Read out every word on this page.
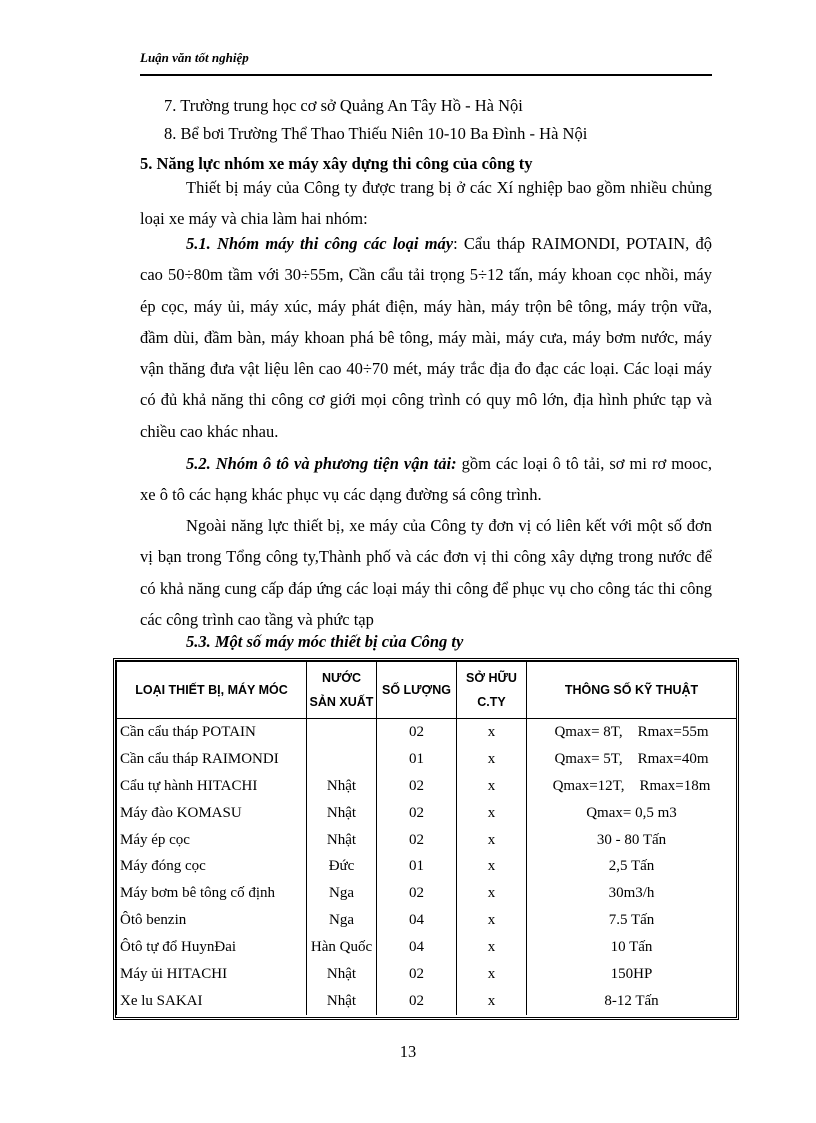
Luận văn tốt nghiệp
7. Trường trung học cơ sở Quảng An Tây Hồ - Hà Nội
8. Bể bơi Trường Thể Thao Thiếu Niên 10-10 Ba Đình - Hà Nội
5. Năng lực nhóm xe máy xây dựng thi công của công ty

Thiết bị máy của Công ty được trang bị ở các Xí nghiệp bao gồm nhiều chủng loại xe máy và chia làm hai nhóm:

5.1. Nhóm máy thi công các loại máy: Cẩu tháp RAIMONDI, POTAIN, độ cao 50÷80m tầm với 30÷55m, Cần cẩu tải trọng 5÷12 tấn, máy khoan cọc nhồi, máy ép cọc, máy ủi, máy xúc, máy phát điện, máy hàn, máy trộn bê tông, máy trộn vữa, đầm dùi, đầm bàn, máy khoan phá bê tông, máy mài, máy cưa, máy bơm nước, máy vận thăng đưa vật liệu lên cao 40÷70 mét, máy trắc địa đo đạc các loại. Các loại máy có đủ khả năng thi công cơ giới mọi công trình có quy mô lớn, địa hình phức tạp và chiều cao khác nhau.

5.2. Nhóm ô tô và phương tiện vận tải: gồm các loại ô tô tải, sơ mi rơ mooc, xe ô tô các hạng khác phục vụ các dạng đường sá công trình.

Ngoài năng lực thiết bị, xe máy của Công ty đơn vị có liên kết với một số đơn vị bạn trong Tổng công ty,Thành phố và các đơn vị thi công xây dựng trong nước để có khả năng cung cấp đáp ứng các loại máy thi công để phục vụ cho công tác thi công các công trình cao tầng và phức tạp

5.3. Một số máy móc thiết bị của Công ty
LOẠI THIẾT BỊ, MÁY MÓC	NƯỚC SẢN XUẤT	SỐ LƯỢNG	SỞ HỮU C.TY	THÔNG SỐ KỸ THUẬT
Cần cẩu tháp POTAIN		02	x	Qmax= 8T,    Rmax=55m
Cần cẩu tháp RAIMONDI		01	x	Qmax= 5T,    Rmax=40m
Cẩu tự hành HITACHI	Nhật	02	x	Qmax=12T,    Rmax=18m
Máy đào KOMASU	Nhật	02	x	Qmax= 0,5 m3
Máy ép cọc	Nhật	02	x	30 - 80 Tấn
Máy đóng cọc	Đức	01	x	2,5 Tấn
Máy bơm bê tông cố định	Nga	02	x	30m3/h
Ôtô benzin	Nga	04	x	7.5 Tấn
Ôtô tự đổ HuynĐai	Hàn Quốc	04	x	10 Tấn
Máy ủi HITACHI	Nhật	02	x	150HP
Xe lu SAKAI	Nhật	02	x	8-12 Tấn
13
